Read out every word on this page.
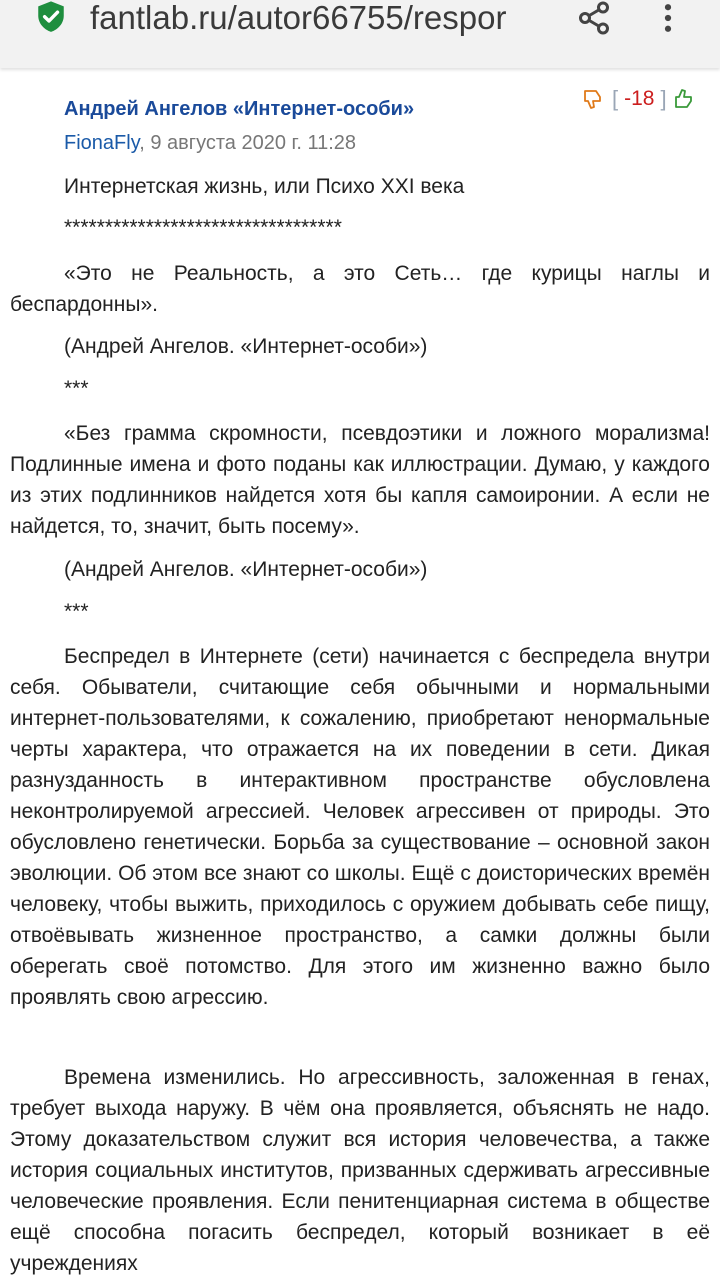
fantlab.ru/autor66755/respor
Андрей Ангелов «Интернет-особи»	[ -18 ]
FionaFly, 9 августа 2020 г. 11:28
Интернетская жизнь, или Психо XXI века
**********************************
«Это не Реальность, а это Сеть… где курицы наглы и беспардонны».
(Андрей Ангелов. «Интернет-особи»)
***
«Без грамма скромности, псевдоэтики и ложного морализма! Подлинные имена и фото поданы как иллюстрации. Думаю, у каждого из этих подлинников найдется хотя бы капля самоиронии. А если не найдется, то, значит, быть посему».
(Андрей Ангелов. «Интернет-особи»)
***
Беспредел в Интернете (сети) начинается с беспредела внутри себя. Обыватели, считающие себя обычными и нормальными интернет-пользователями, к сожалению, приобретают ненормальные черты характера, что отражается на их поведении в сети. Дикая разнузданность в интерактивном пространстве обусловлена неконтролируемой агрессией. Человек агрессивен от природы. Это обусловлено генетически. Борьба за существование – основной закон эволюции. Об этом все знают со школы. Ещё с доисторических времён человеку, чтобы выжить, приходилось с оружием добывать себе пищу, отвоёвывать жизненное пространство, а самки должны были оберегать своё потомство. Для этого им жизненно важно было проявлять свою агрессию.
Времена изменились. Но агрессивность, заложенная в генах, требует выхода наружу. В чём она проявляется, объяснять не надо. Этому доказательством служит вся история человечества, а также история социальных институтов, призванных сдерживать агрессивные человеческие проявления. Если пенитенциарная система в обществе ещё способна погасить беспредел, который возникает в её учреждениях
